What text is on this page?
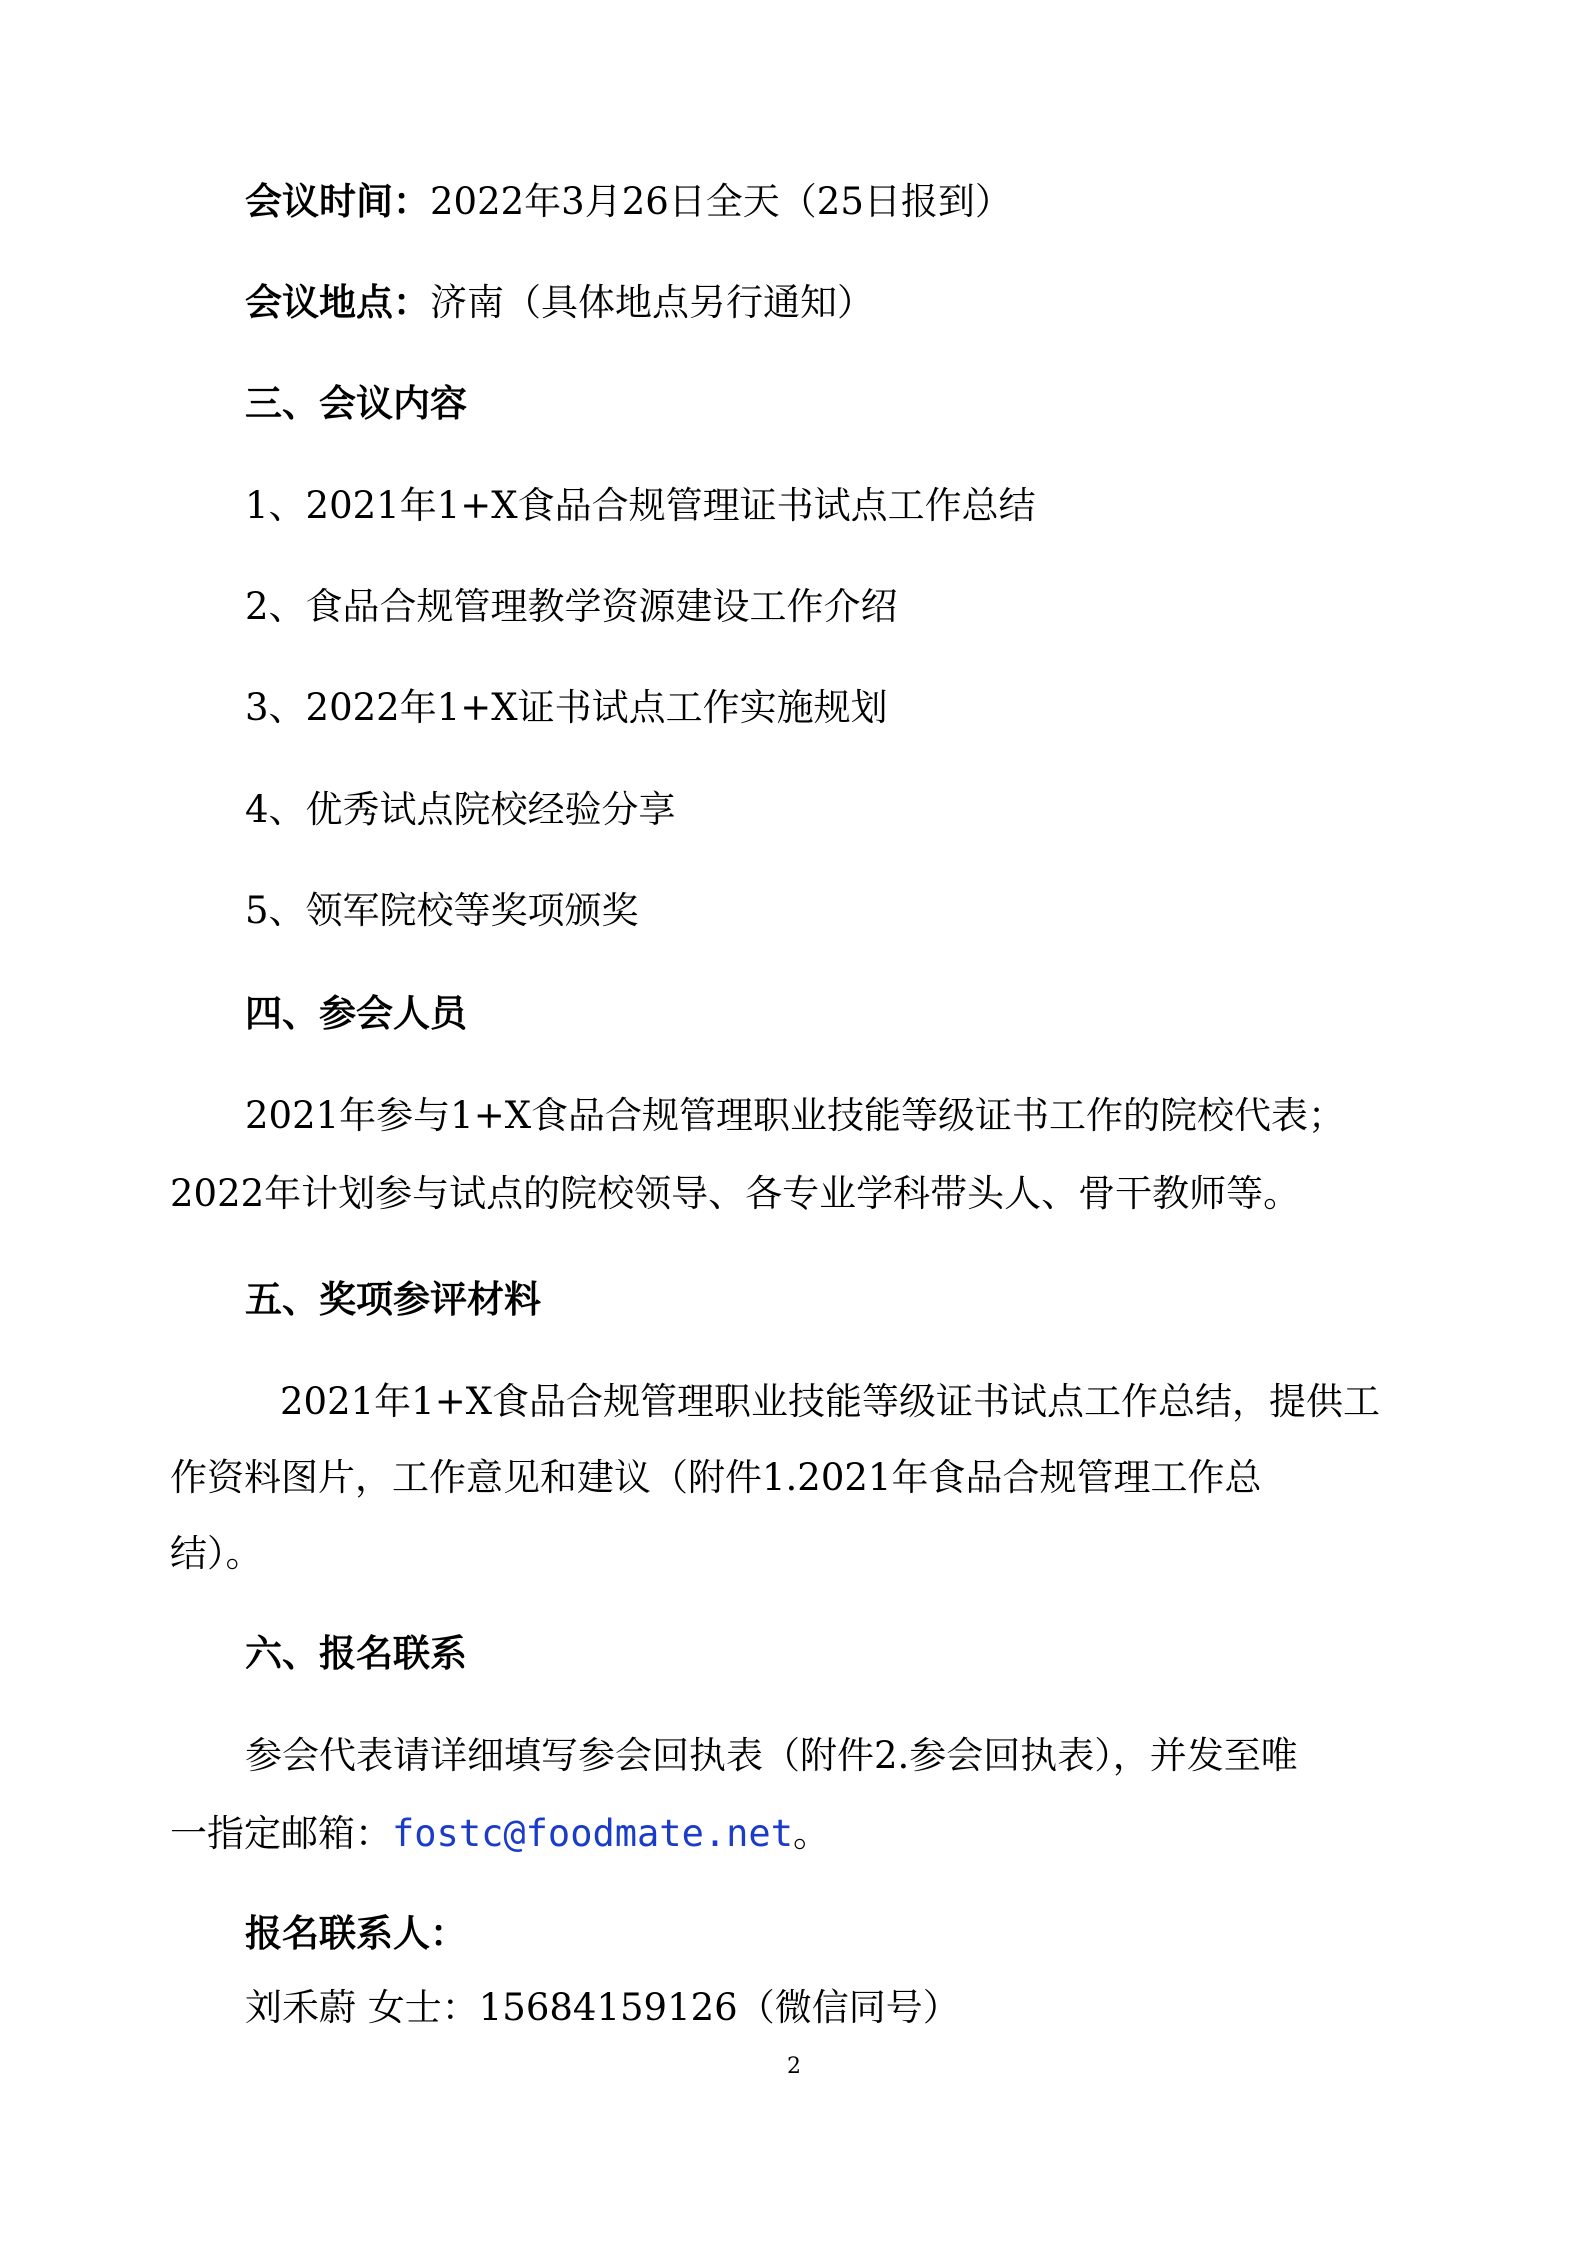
会议时间：2022年3月26日全天（25日报到）
会议地点：济南（具体地点另行通知）
三、会议内容
1、2021年1+X食品合规管理证书试点工作总结
2、食品合规管理教学资源建设工作介绍
3、2022年1+X证书试点工作实施规划
4、优秀试点院校经验分享
5、领军院校等奖项颁奖
四、参会人员
2021年参与1+X食品合规管理职业技能等级证书工作的院校代表；
2022年计划参与试点的院校领导、各专业学科带头人、骨干教师等。
五、奖项参评材料
2021年1+X食品合规管理职业技能等级证书试点工作总结，提供工
作资料图片，工作意见和建议（附件1.2021年食品合规管理工作总
结）。
六、报名联系
参会代表请详细填写参会回执表（附件2.参会回执表），并发至唯
一指定邮箱：fostc@foodmate.net。
报名联系人：
刘禾蔚 女士：15684159126（微信同号）
2
